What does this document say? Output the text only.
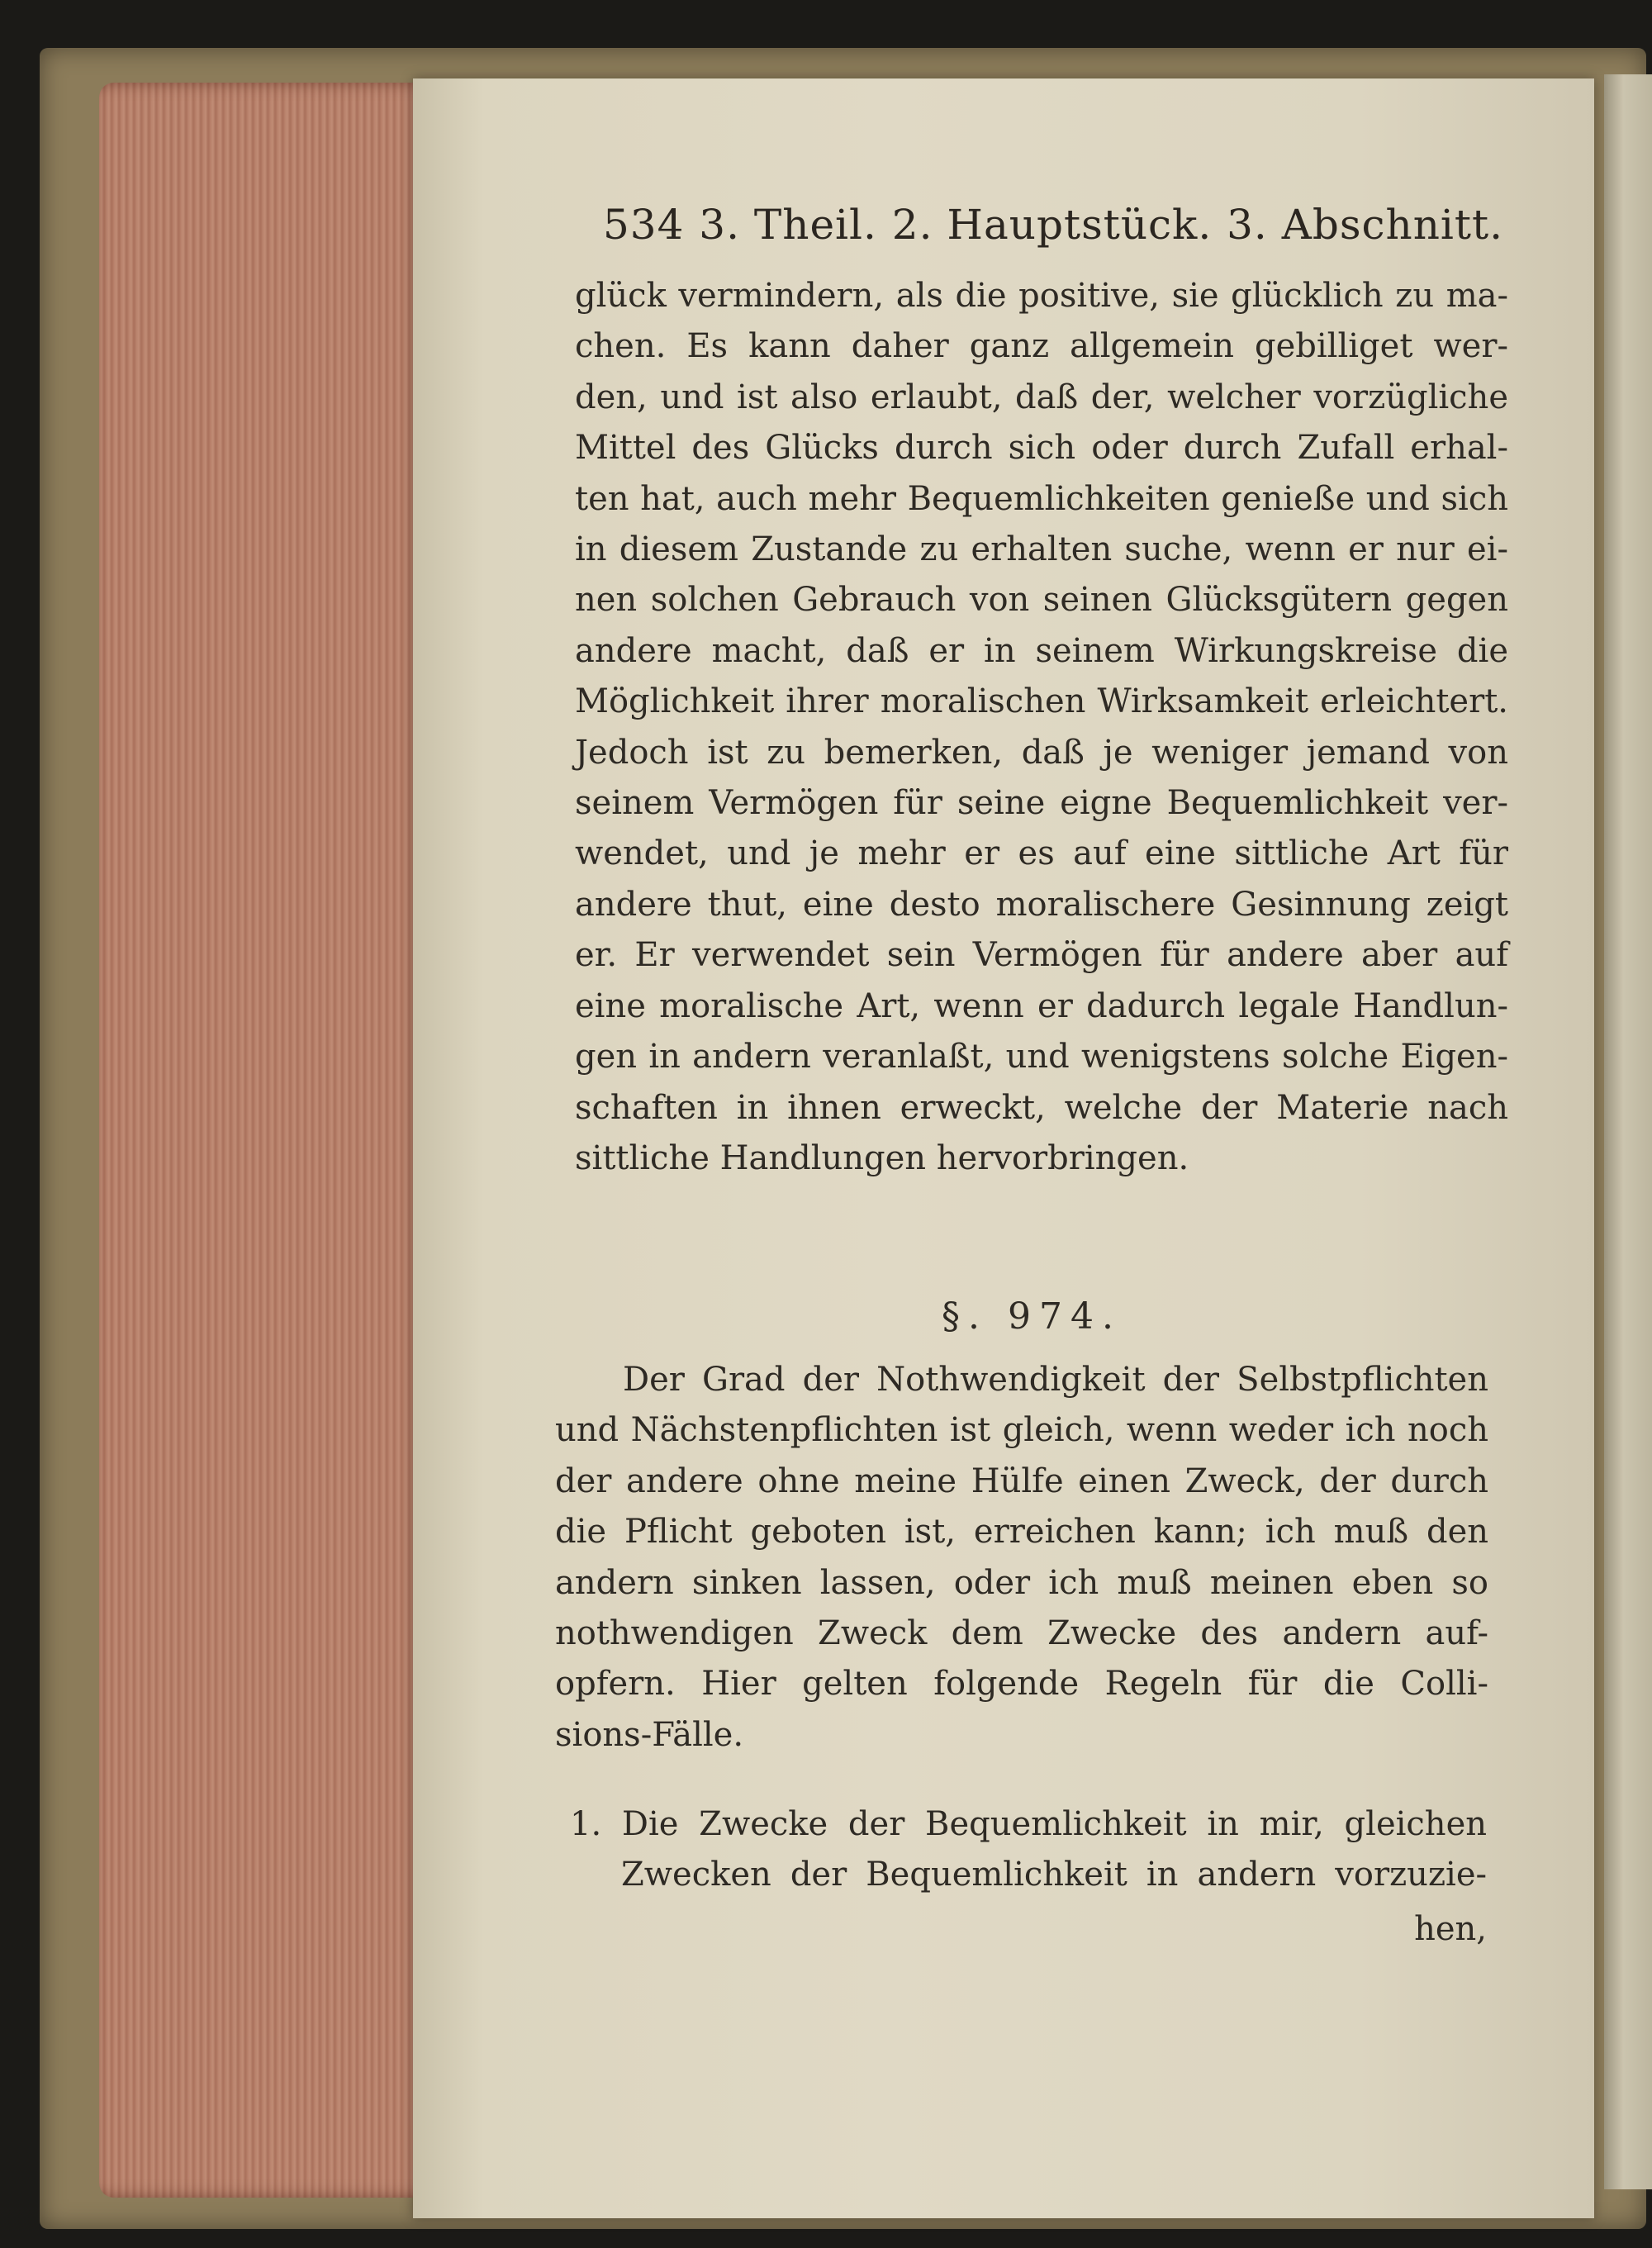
534 3. Theil. 2. Hauptstück. 3. Abschnitt.
glück vermindern, als die positive, sie glücklich zu ma-
chen. Es kann daher ganz allgemein gebilliget wer-
den, und ist also erlaubt, daß der, welcher vorzügliche
Mittel des Glücks durch sich oder durch Zufall erhal-
ten hat, auch mehr Bequemlichkeiten genieße und sich
in diesem Zustande zu erhalten suche, wenn er nur ei-
nen solchen Gebrauch von seinen Glücksgütern gegen
andere macht, daß er in seinem Wirkungskreise die
Möglichkeit ihrer moralischen Wirksamkeit erleichtert.
Jedoch ist zu bemerken, daß je weniger jemand von
seinem Vermögen für seine eigne Bequemlichkeit ver-
wendet, und je mehr er es auf eine sittliche Art für
andere thut, eine desto moralischere Gesinnung zeigt
er. Er verwendet sein Vermögen für andere aber auf
eine moralische Art, wenn er dadurch legale Handlun-
gen in andern veranlaßt, und wenigstens solche Eigen-
schaften in ihnen erweckt, welche der Materie nach
sittliche Handlungen hervorbringen.
§. 974.
Der Grad der Nothwendigkeit der Selbstpflichten
und Nächstenpflichten ist gleich, wenn weder ich noch
der andere ohne meine Hülfe einen Zweck, der durch
die Pflicht geboten ist, erreichen kann; ich muß den
andern sinken lassen, oder ich muß meinen eben so
nothwendigen Zweck dem Zwecke des andern auf-
opfern. Hier gelten folgende Regeln für die Colli-
sions-Fälle.
1. Die Zwecke der Bequemlichkeit in mir, gleichen
Zwecken der Bequemlichkeit in andern vorzuzie-
hen,
